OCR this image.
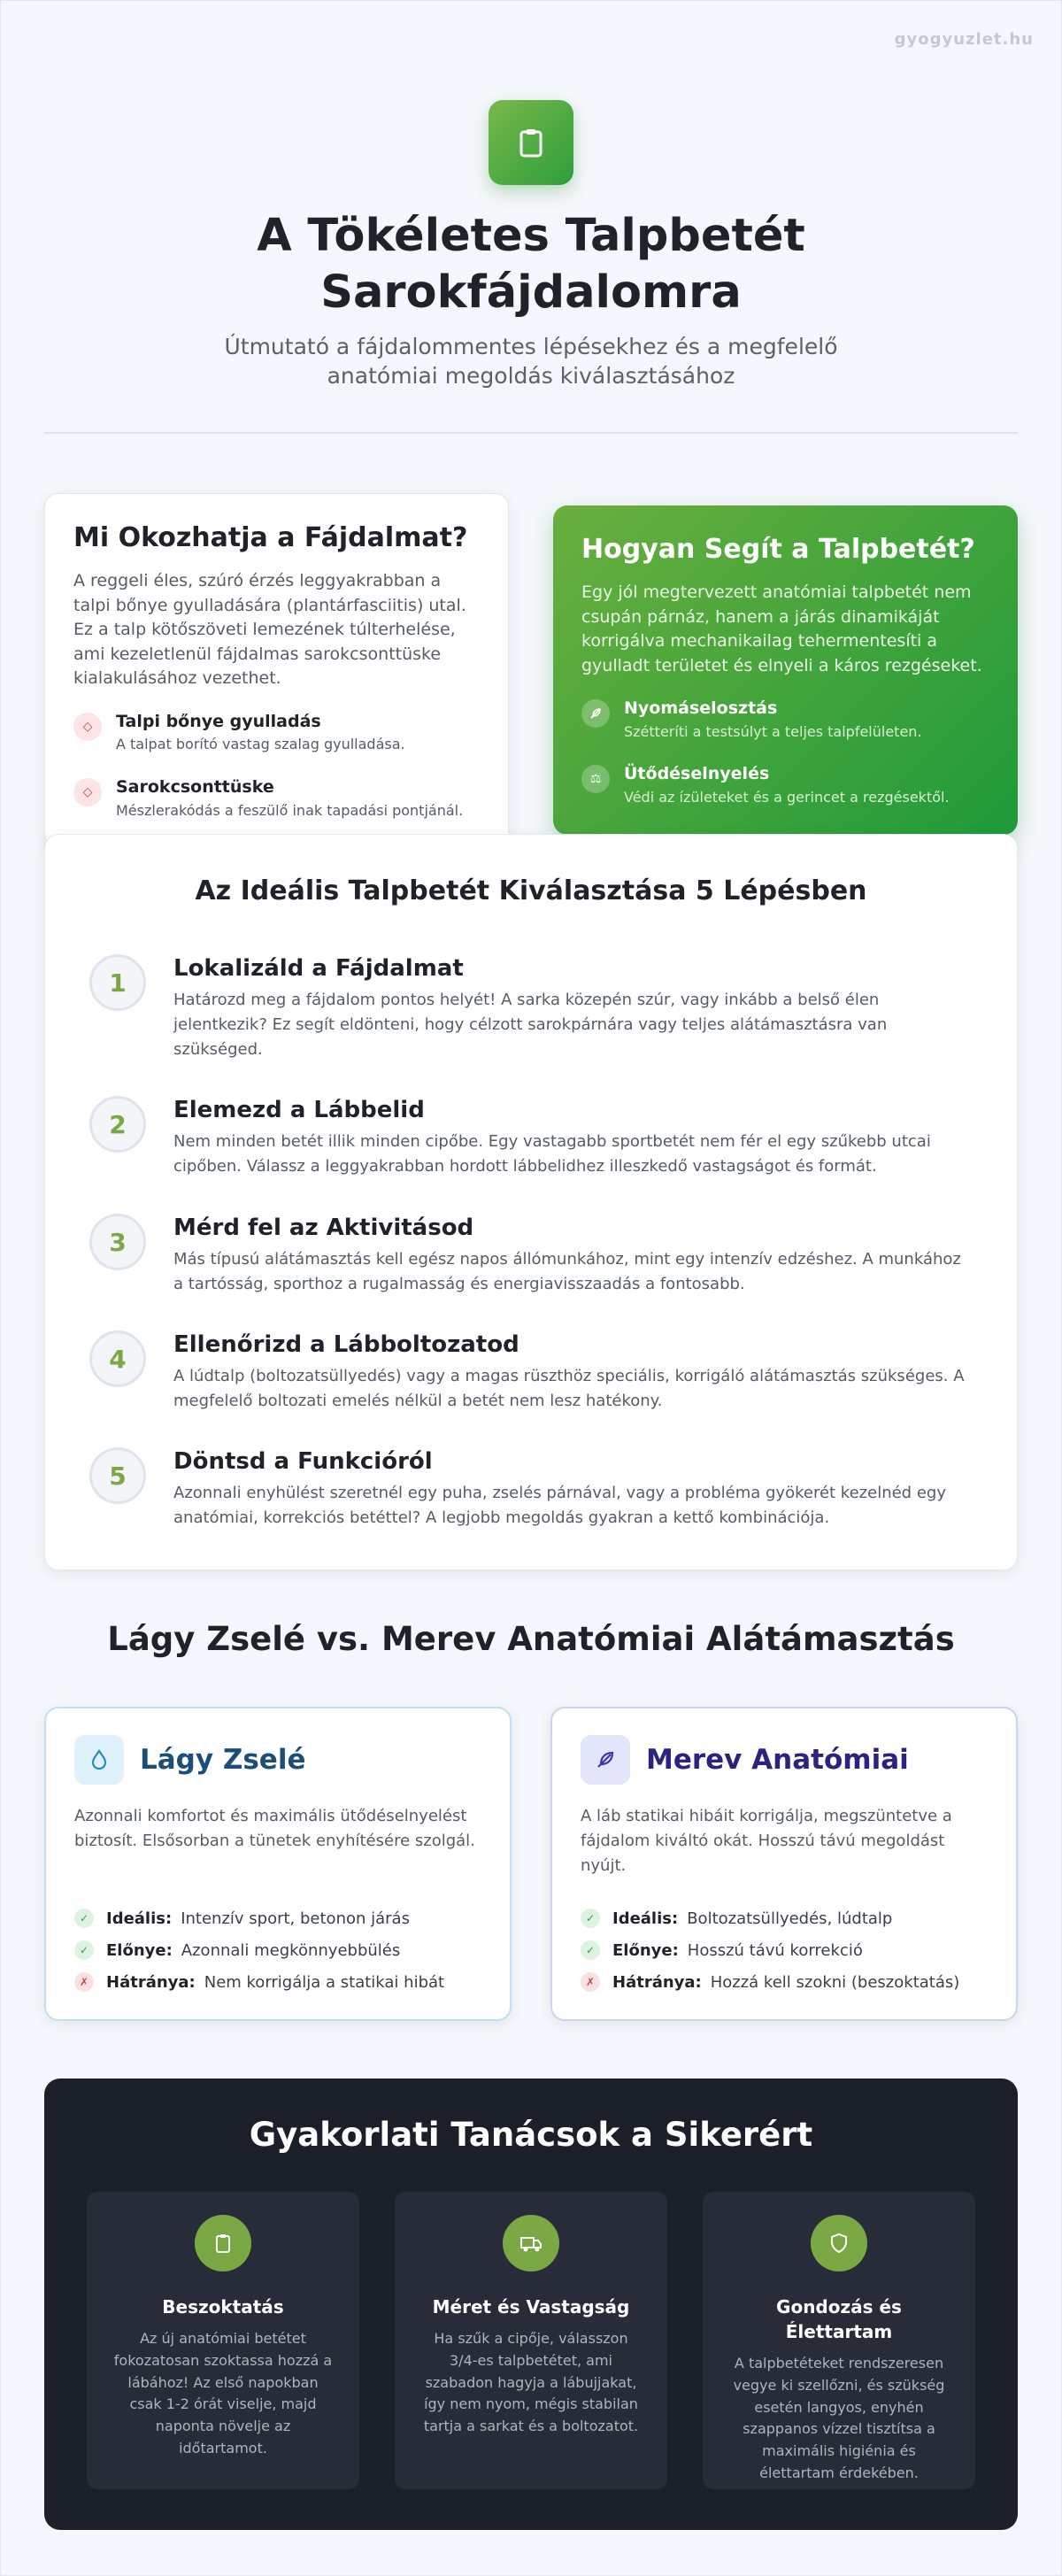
gyogyuzlet.hu
A Tökéletes Talpbetét Sarokfájdalomra

Útmutató a fájdalommentes lépésekhez és a megfelelő anatómiai megoldás kiválasztásához

Mi Okozhatja a Fájdalmat?

A reggeli éles, szúró érzés leggyakrabban a talpi bőnye gyulladására (plantárfasciitis) utal. Ez a talp kötőszöveti lemezének túlterhelése, ami kezeletlenül fájdalmas sarokcsonttüske kialakulásához vezethet.

◇	Talpi bőnye gyulladás
A talpat borító vastag szalag gyulladása.
◇	Sarokcsonttüske
Mészlerakódás a feszülő inak tapadási pontjánál.
Hogyan Segít a Talpbetét?

Egy jól megtervezett anatómiai talpbetét nem csupán párnáz, hanem a járás dinamikáját korrigálva mechanikailag tehermentesíti a gyulladt területet és elnyeli a káros rezgéseket.

Nyomáselosztás
Szétteríti a testsúlyt a teljes talpfelületen.
⚖	Ütődéselnyelés
Védi az ízületeket és a gerincet a rezgésektől.
Az Ideális Talpbetét Kiválasztása 5 Lépésben
1	Lokalizáld a Fájdalmat
Határozd meg a fájdalom pontos helyét! A sarka közepén szúr, vagy inkább a belső élen jelentkezik? Ez segít eldönteni, hogy célzott sarokpárnára vagy teljes alátámasztásra van szükséged.
2	Elemezd a Lábbelid
Nem minden betét illik minden cipőbe. Egy vastagabb sportbetét nem fér el egy szűkebb utcai cipőben. Válassz a leggyakrabban hordott lábbelidhez illeszkedő vastagságot és formát.
3	Mérd fel az Aktivitásod
Más típusú alátámasztás kell egész napos állómunkához, mint egy intenzív edzéshez. A munkához a tartósság, sporthoz a rugalmasság és energiavisszaadás a fontosabb.
4	Ellenőrizd a Lábboltozatod
A lúdtalp (boltozatsüllyedés) vagy a magas rüszthöz speciális, korrigáló alátámasztás szükséges. A megfelelő boltozati emelés nélkül a betét nem lesz hatékony.
5	Döntsd a Funkcióról
Azonnali enyhülést szeretnél egy puha, zselés párnával, vagy a probléma gyökerét kezelnéd egy anatómiai, korrekciós betéttel? A legjobb megoldás gyakran a kettő kombinációja.
Lágy Zselé vs. Merev Anatómiai Alátámasztás
Lágy Zselé

Azonnali komfortot és maximális ütődéselnyelést biztosít. Elsősorban a tünetek enyhítésére szolgál.

✓	Ideális: Intenzív sport, betonon járás
✓	Előnye: Azonnali megkönnyebbülés
✗	Hátránya: Nem korrigálja a statikai hibát
Merev Anatómiai

A láb statikai hibáit korrigálja, megszüntetve a fájdalom kiváltó okát. Hosszú távú megoldást nyújt.

✓	Ideális: Boltozatsüllyedés, lúdtalp
✓	Előnye: Hosszú távú korrekció
✗	Hátránya: Hozzá kell szokni (beszoktatás)
Gyakorlati Tanácsok a Sikerért
Beszoktatás
Az új anatómiai betétet fokozatosan szoktassa hozzá a lábához! Az első napokban csak 1-2 órát viselje, majd naponta növelje az időtartamot.
Méret és Vastagság
Ha szűk a cipője, válasszon 3/4-es talpbetétet, ami szabadon hagyja a lábujjakat, így nem nyom, mégis stabilan tartja a sarkat és a boltozatot.
Gondozás és Élettartam
A talpbetéteket rendszeresen vegye ki szellőzni, és szükség esetén langyos, enyhén szappanos vízzel tisztítsa a maximális higiénia és élettartam érdekében.
